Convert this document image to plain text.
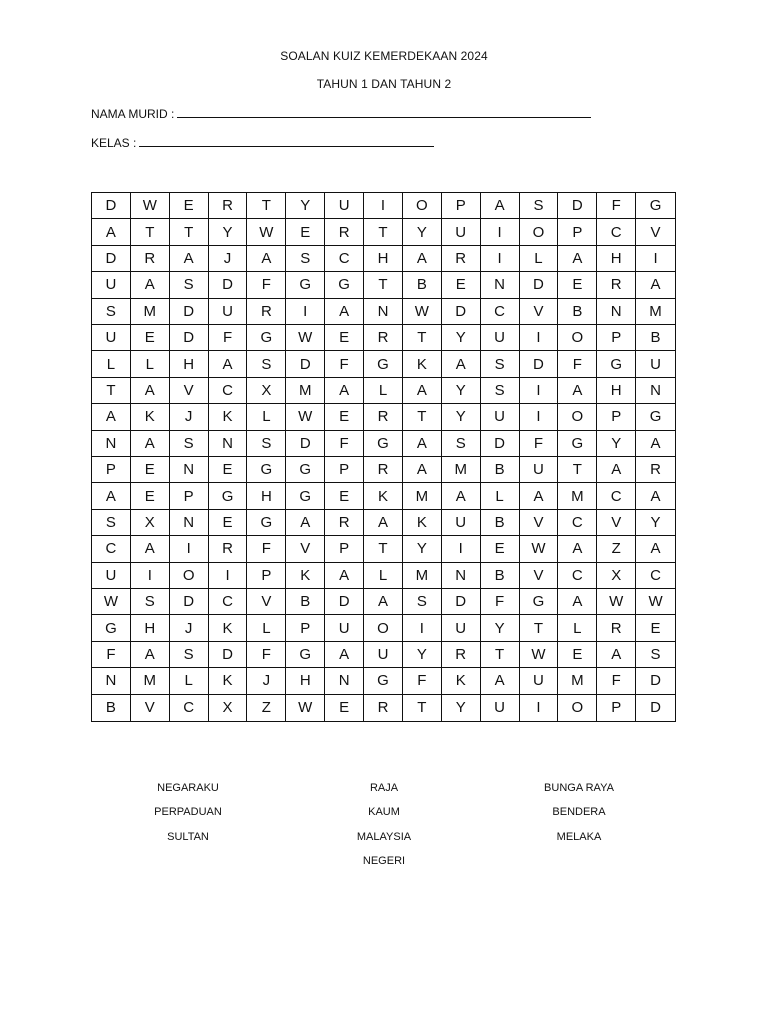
SOALAN KUIZ KEMERDEKAAN 2024
TAHUN 1 DAN TAHUN 2
NAMA MURID :
KELAS :
D	W	E	R	T	Y	U	I	O	P	A	S	D	F	G
A	T	T	Y	W	E	R	T	Y	U	I	O	P	C	V
D	R	A	J	A	S	C	H	A	R	I	L	A	H	I
U	A	S	D	F	G	G	T	B	E	N	D	E	R	A
S	M	D	U	R	I	A	N	W	D	C	V	B	N	M
U	E	D	F	G	W	E	R	T	Y	U	I	O	P	B
L	L	H	A	S	D	F	G	K	A	S	D	F	G	U
T	A	V	C	X	M	A	L	A	Y	S	I	A	H	N
A	K	J	K	L	W	E	R	T	Y	U	I	O	P	G
N	A	S	N	S	D	F	G	A	S	D	F	G	Y	A
P	E	N	E	G	G	P	R	A	M	B	U	T	A	R
A	E	P	G	H	G	E	K	M	A	L	A	M	C	A
S	X	N	E	G	A	R	A	K	U	B	V	C	V	Y
C	A	I	R	F	V	P	T	Y	I	E	W	A	Z	A
U	I	O	I	P	K	A	L	M	N	B	V	C	X	C
W	S	D	C	V	B	D	A	S	D	F	G	A	W	W
G	H	J	K	L	P	U	O	I	U	Y	T	L	R	E
F	A	S	D	F	G	A	U	Y	R	T	W	E	A	S
N	M	L	K	J	H	N	G	F	K	A	U	M	F	D
B	V	C	X	Z	W	E	R	T	Y	U	I	O	P	D
NEGARAKU
PERPADUAN
SULTAN
RAJA
KAUM
MALAYSIA
NEGERI
BUNGA RAYA
BENDERA
MELAKA
